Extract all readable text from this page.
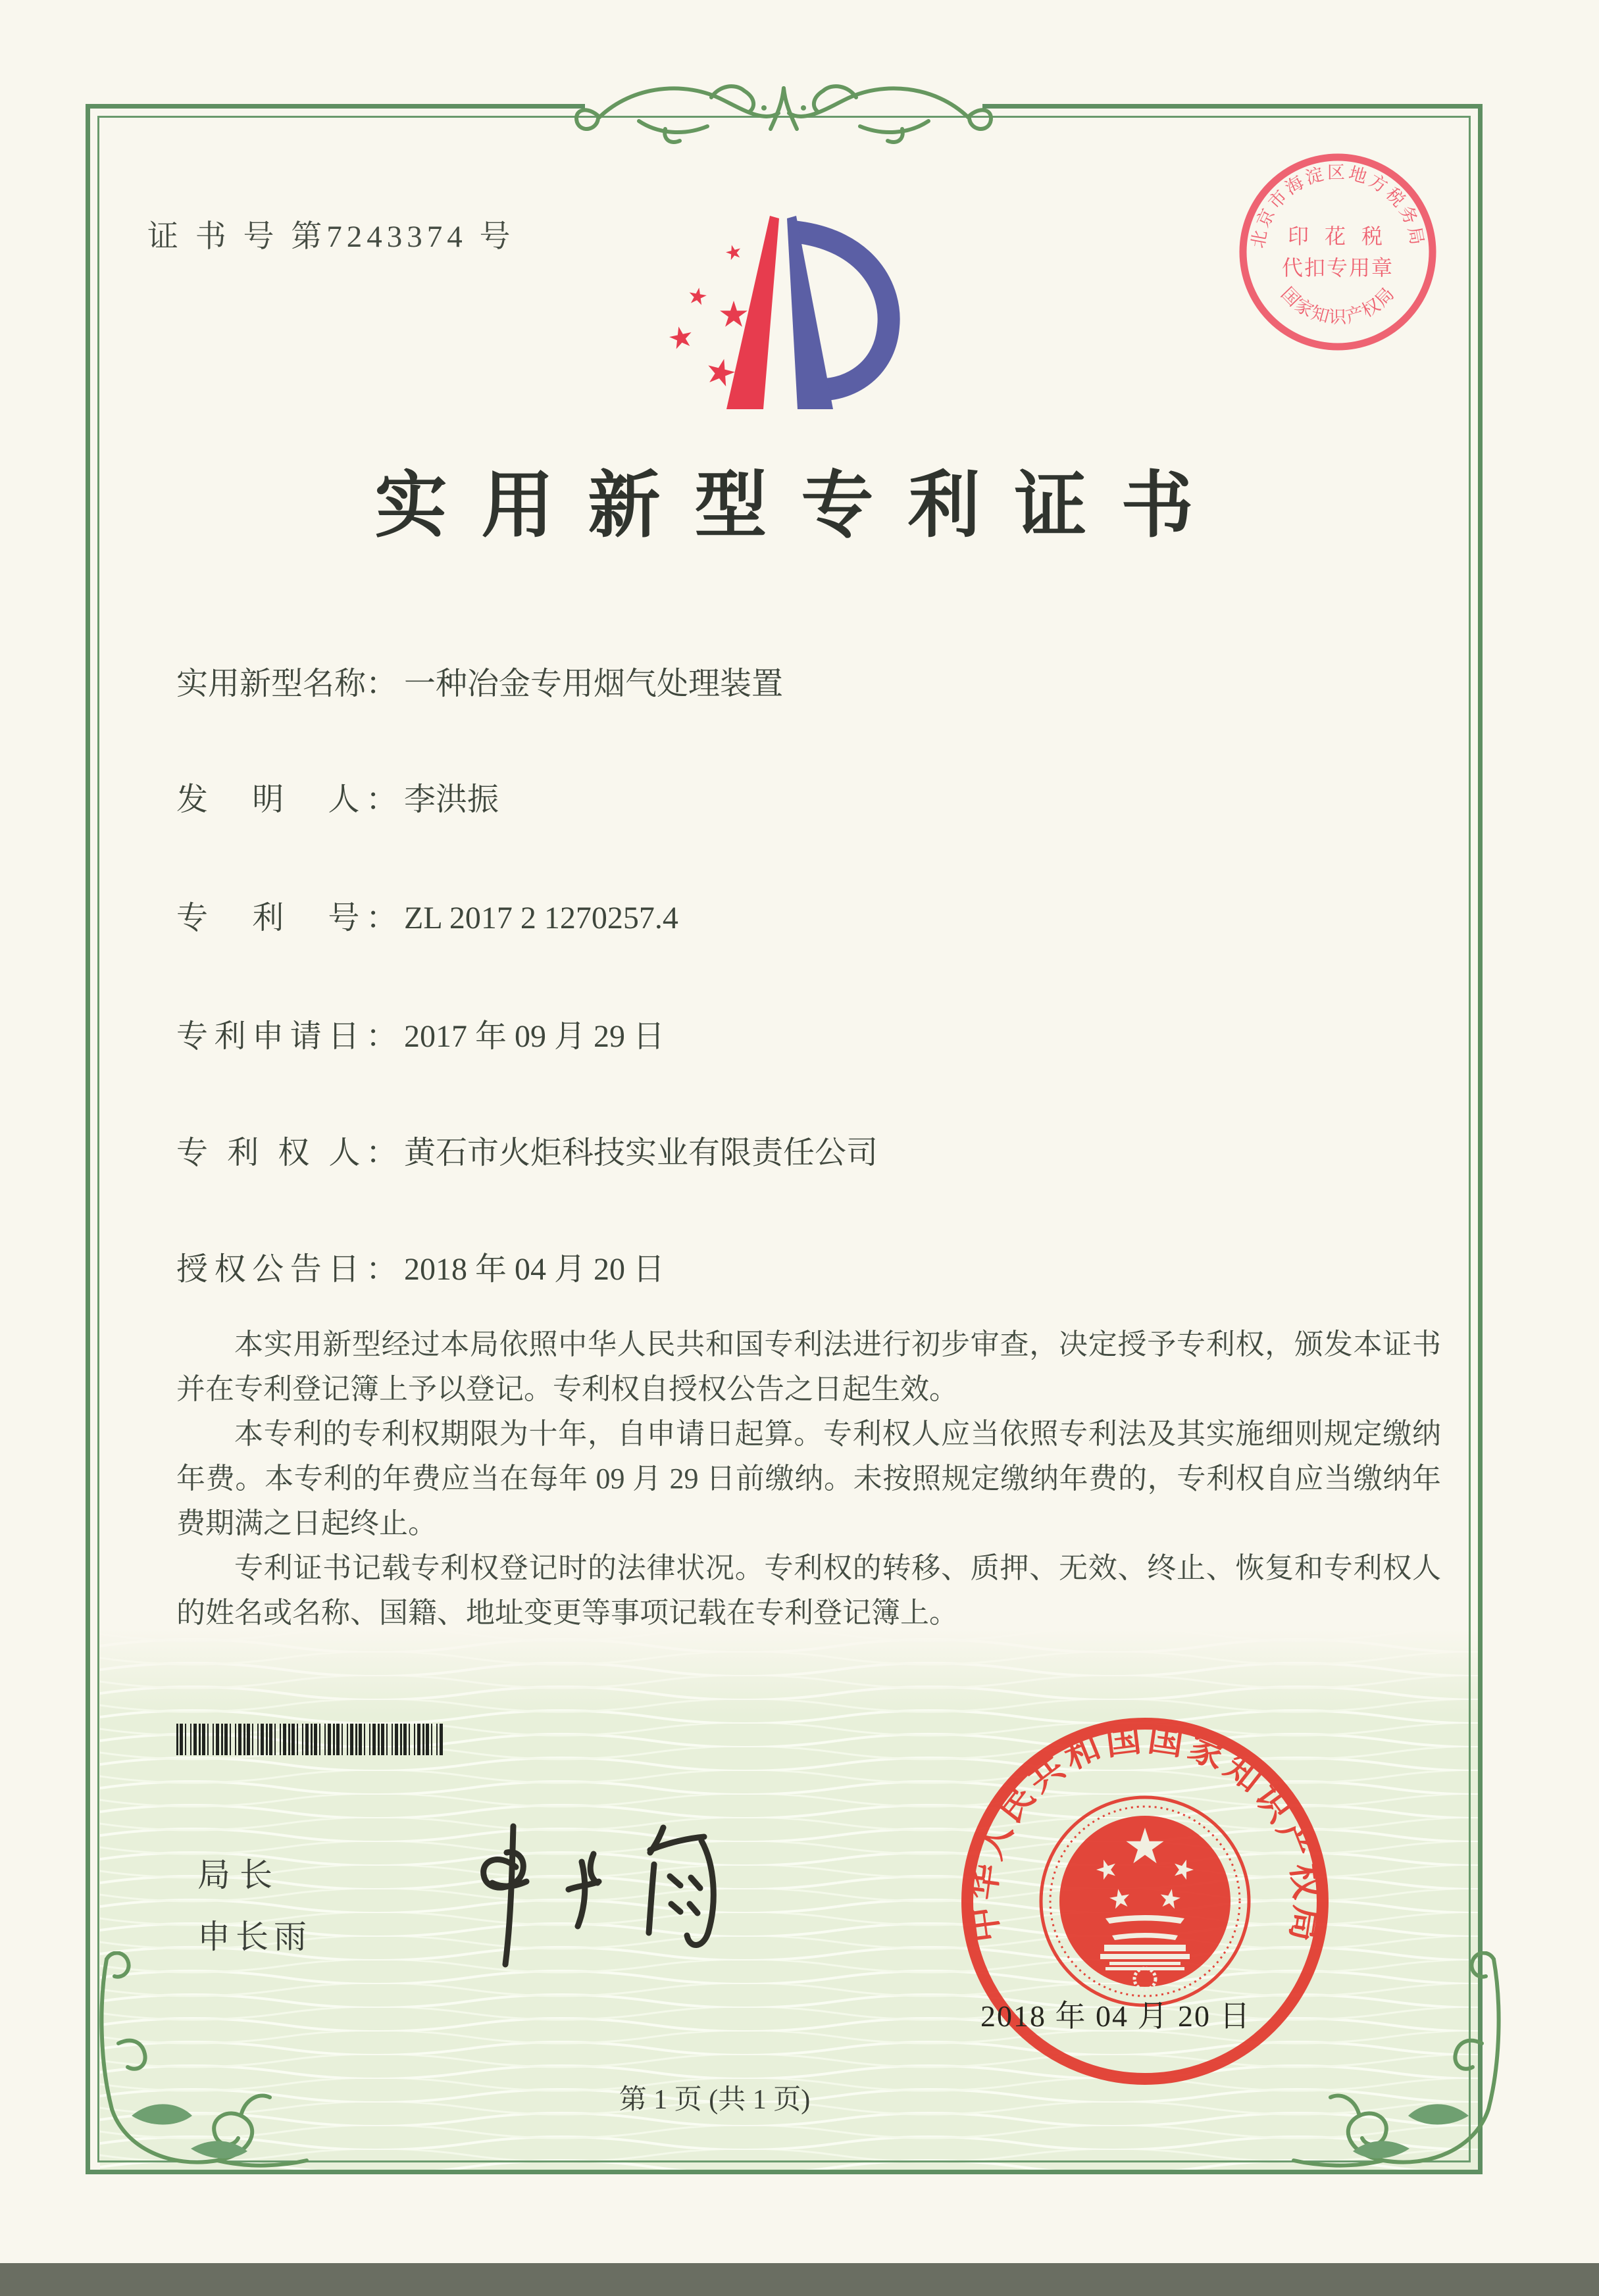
证 书 号 第7243374 号	北京市海淀区地方税务局
印 花 税
代扣专用章
国家知识产权局
实用新型专利证书
实用新型名称： 一种冶金专用烟气处理装置
发　明　人： 李洪振
专　利　号： ZL 2017 2 1270257.4
专利申请日： 2017 年 09 月 29 日
专 利 权 人： 黄石市火炬科技实业有限责任公司
授权公告日： 2018 年 04 月 20 日

本实用新型经过本局依照中华人民共和国专利法进行初步审查，决定授予专利权，颁发本证书并在专利登记簿上予以登记。专利权自授权公告之日起生效。

本专利的专利权期限为十年，自申请日起算。专利权人应当依照专利法及其实施细则规定缴纳年费。本专利的年费应当在每年 09 月 29 日前缴纳。未按照规定缴纳年费的，专利权自应当缴纳年费期满之日起终止。

专利证书记载专利权登记时的法律状况。专利权的转移、质押、无效、终止、恢复和专利权人的姓名或名称、国籍、地址变更等事项记载在专利登记簿上。

局长
申长雨	中华人民共和国国家知识产权局
2018 年 04 月 20 日
第 1 页 (共 1 页)
